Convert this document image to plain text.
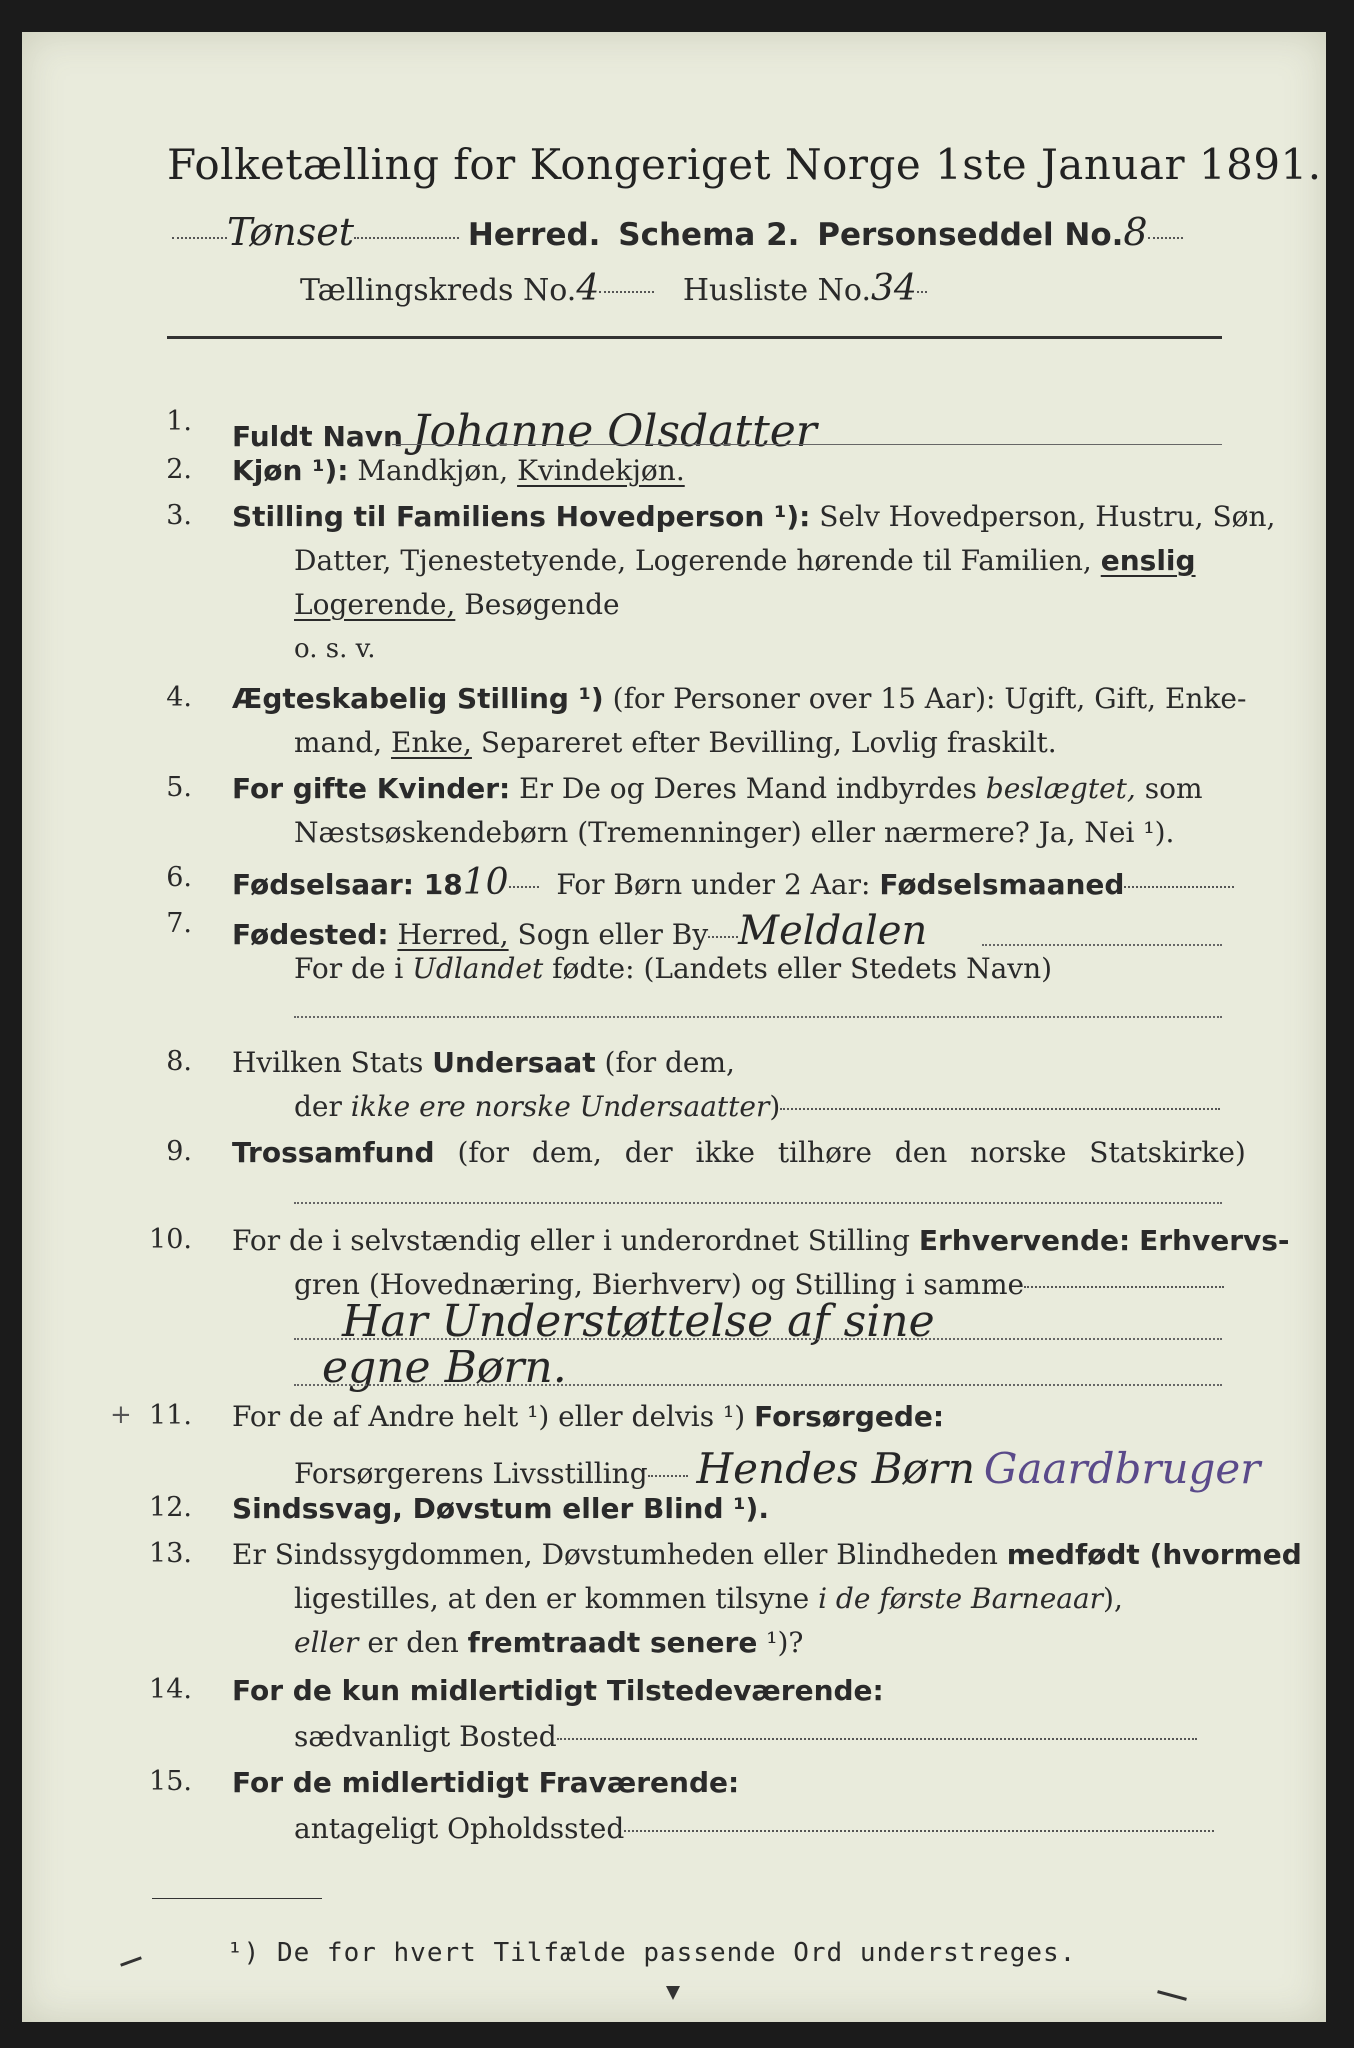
Folketælling for Kongeriget Norge 1ste Januar 1891.
Tønset	Herred. Schema 2. Personseddel No.8
Tællingskreds No.4	Husliste No.34
1. Fuldt Navn Johanne Olsdatter
2. Kjøn ¹): Mandkjøn, Kvindekjøn.
3. Stilling til Familiens Hovedperson ¹): Selv Hovedperson, Hustru, Søn,
Datter, Tjenestetyende, Logerende hørende til Familien, enslig
Logerende, Besøgende
o. s. v.
4. Ægteskabelig Stilling ¹) (for Personer over 15 Aar): Ugift, Gift, Enke-
mand, Enke, Separeret efter Bevilling, Lovlig fraskilt.
5. For gifte Kvinder: Er De og Deres Mand indbyrdes beslægtet, som
Næstsøskendebørn (Tremenninger) eller nærmere? Ja, Nei ¹).
6. Fødselsaar: 1810 For Børn under 2 Aar: Fødselsmaaned
7. Fødested: Herred, Sogn eller By Meldalen
For de i Udlandet fødte: (Landets eller Stedets Navn)
8. Hvilken Stats Undersaat (for dem,
der ikke ere norske Undersaatter)
9. Trossamfund (for dem, der ikke tilhøre den norske Statskirke)
10. For de i selvstændig eller i underordnet Stilling Erhvervende: Erhvervs-
gren (Hovednæring, Bierhverv) og Stilling i samme
Har Understøttelse af sine
egne Børn.
+ 11. For de af Andre helt ¹) eller delvis ¹) Forsørgede:
Forsørgerens Livsstilling Hendes Børn Gaardbruger
12. Sindssvag, Døvstum eller Blind ¹).
13. Er Sindssygdommen, Døvstumheden eller Blindheden medfødt (hvormed
ligestilles, at den er kommen tilsyne i de første Barneaar),
eller er den fremtraadt senere ¹)?
14. For de kun midlertidigt Tilstedeværende:
sædvanligt Bosted
15. For de midlertidigt Fraværende:
antageligt Opholdssted
¹) De for hvert Tilfælde passende Ord understreges.
